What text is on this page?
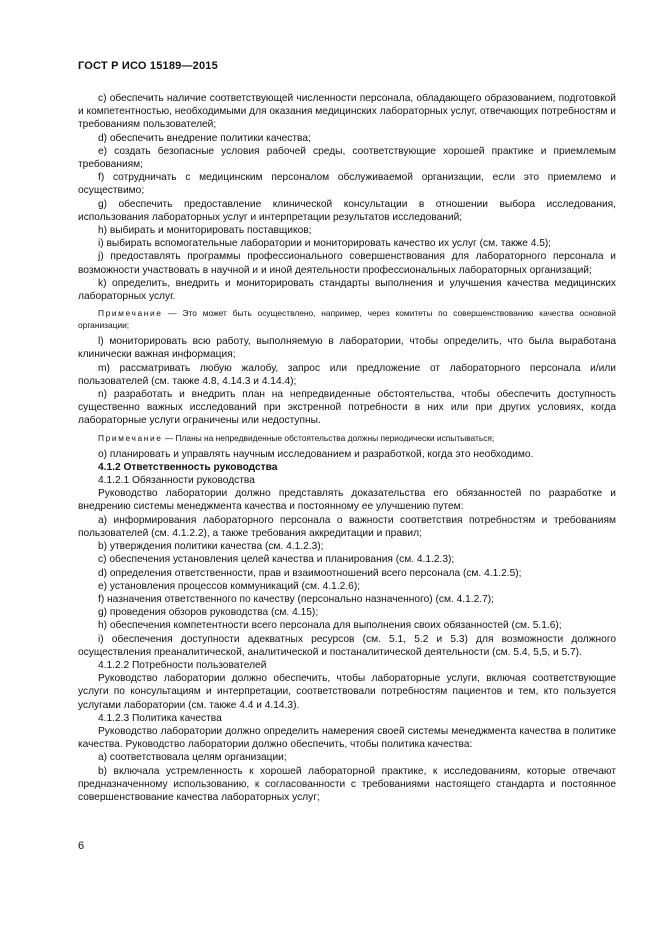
ГОСТ Р ИСО 15189—2015

c) обеспечить наличие соответствующей численности персонала, обладающего образованием, подготовкой и компетентностью, необходимыми для оказания медицинских лабораторных услуг, отвечающих потребностям и требованиям пользователей;

d) обеспечить внедрение политики качества;

e) создать безопасные условия рабочей среды, соответствующие хорошей практике и приемлемым требованиям;

f) сотрудничать с медицинским персоналом обслуживаемой организации, если это приемлемо и осуществимо;

g) обеспечить предоставление клинической консультации в отношении выбора исследования, использования лабораторных услуг и интерпретации результатов исследований;

h) выбирать и мониторировать поставщиков;

i) выбирать вспомогательные лаборатории и мониторировать качество их услуг (см. также 4.5);

j) предоставлять программы профессионального совершенствования для лабораторного персонала и возможности участвовать в научной и и иной деятельности профессиональных лабораторных организаций;

k) определить, внедрить и мониторировать стандарты выполнения и улучшения качества медицинских лабораторных услуг.

Примечание — Это может быть осуществлено, например, через комитеты по совершенствованию качества основной организации;

l) мониторировать всю работу, выполняемую в лаборатории, чтобы определить, что была выработана клинически важная информация;

m) рассматривать любую жалобу, запрос или предложение от лабораторного персонала и/или пользователей (см. также 4.8, 4.14.3 и 4.14.4);

n) разработать и внедрить план на непредвиденные обстоятельства, чтобы обеспечить доступность существенно важных исследований при экстренной потребности в них или при других условиях, когда лабораторные услуги ограничены или недоступны.

Примечание — Планы на непредвиденные обстоятельства должны периодически испытываться;

o) планировать и управлять научным исследованием и разработкой, когда это необходимо.

4.1.2 Ответственность руководства

4.1.2.1 Обязанности руководства

Руководство лаборатории должно представлять доказательства его обязанностей по разработке и внедрению системы менеджмента качества и постоянному ее улучшению путем:

a) информирования лабораторного персонала о важности соответствия потребностям и требованиям пользователей (см. 4.1.2.2), а также требования аккредитации и правил;

b) утверждения политики качества (см. 4.1.2.3);

c) обеспечения установления целей качества и планирования (см. 4.1.2.3);

d) определения ответственности, прав и взаимоотношений всего персонала (см. 4.1.2.5);

e) установления процессов коммуникаций (см. 4.1.2.6);

f) назначения ответственного по качеству (персонально назначенного) (см. 4.1.2.7);

g) проведения обзоров руководства (см. 4.15);

h) обеспечения компетентности всего персонала для выполнения своих обязанностей (см. 5.1.6);

i) обеспечения доступности адекватных ресурсов (см. 5.1, 5.2 и 5.3) для возможности должного осуществления преаналитической, аналитической и постаналитической деятельности (см. 5.4, 5,5, и 5.7).

4.1.2.2 Потребности пользователей

Руководство лаборатории должно обеспечить, чтобы лабораторные услуги, включая соответствующие услуги по консультациям и интерпретации, соответствовали потребностям пациентов и тем, кто пользуется услугами лаборатории (см. также 4.4 и 4.14.3).

4.1.2.3 Политика качества

Руководство лаборатории должно определить намерения своей системы менеджмента качества в политике качества. Руководство лаборатории должно обеспечить, чтобы политика качества:

a) соответствовала целям организации;

b) включала устремленность к хорошей лабораторной практике, к исследованиям, которые отвечают предназначенному использованию, к согласованности с требованиями настоящего стандарта и постоянное совершенствование качества лабораторных услуг;

6
